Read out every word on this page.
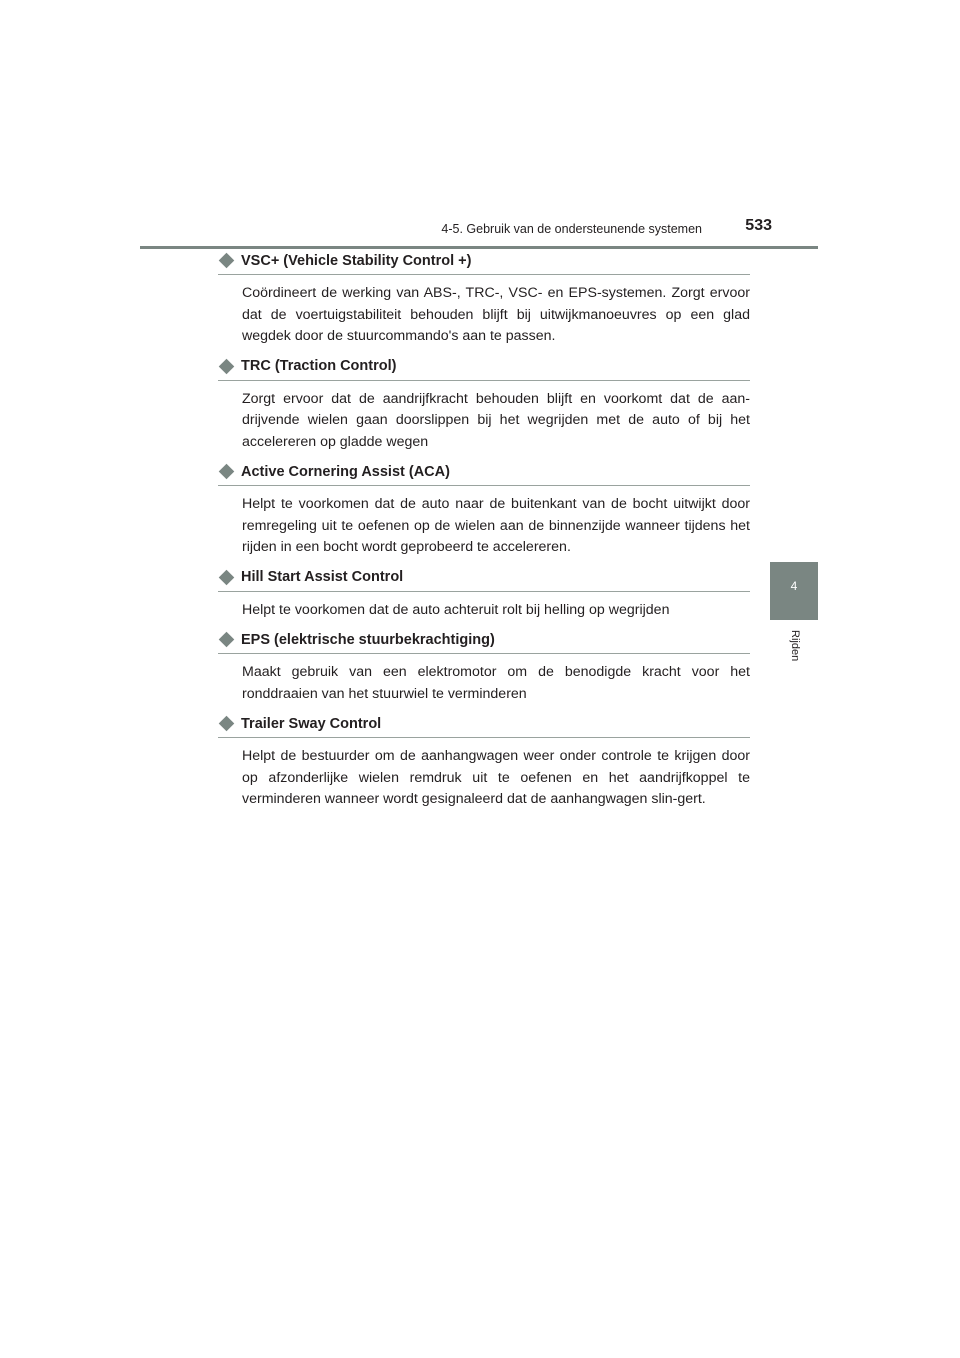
4-5. Gebruik van de ondersteunende systemen	533
4
Rijden
VSC+ (Vehicle Stability Control +)
Coördineert de werking van ABS-, TRC-, VSC- en EPS-systemen. Zorgt ervoor dat de voertuigstabiliteit behouden blijft bij uitwijkmanoeuvres op een glad wegdek door de stuurcommando's aan te passen.
TRC (Traction Control)
Zorgt ervoor dat de aandrijfkracht behouden blijft en voorkomt dat de aan-drijvende wielen gaan doorslippen bij het wegrijden met de auto of bij het accelereren op gladde wegen
Active Cornering Assist (ACA)
Helpt te voorkomen dat de auto naar de buitenkant van de bocht uitwijkt door remregeling uit te oefenen op de wielen aan de binnenzijde wanneer tijdens het rijden in een bocht wordt geprobeerd te accelereren.
Hill Start Assist Control
Helpt te voorkomen dat de auto achteruit rolt bij helling op wegrijden
EPS (elektrische stuurbekrachtiging)
Maakt gebruik van een elektromotor om de benodigde kracht voor het ronddraaien van het stuurwiel te verminderen
Trailer Sway Control
Helpt de bestuurder om de aanhangwagen weer onder controle te krijgen door op afzonderlijke wielen remdruk uit te oefenen en het aandrijfkoppel te verminderen wanneer wordt gesignaleerd dat de aanhangwagen slin-gert.
